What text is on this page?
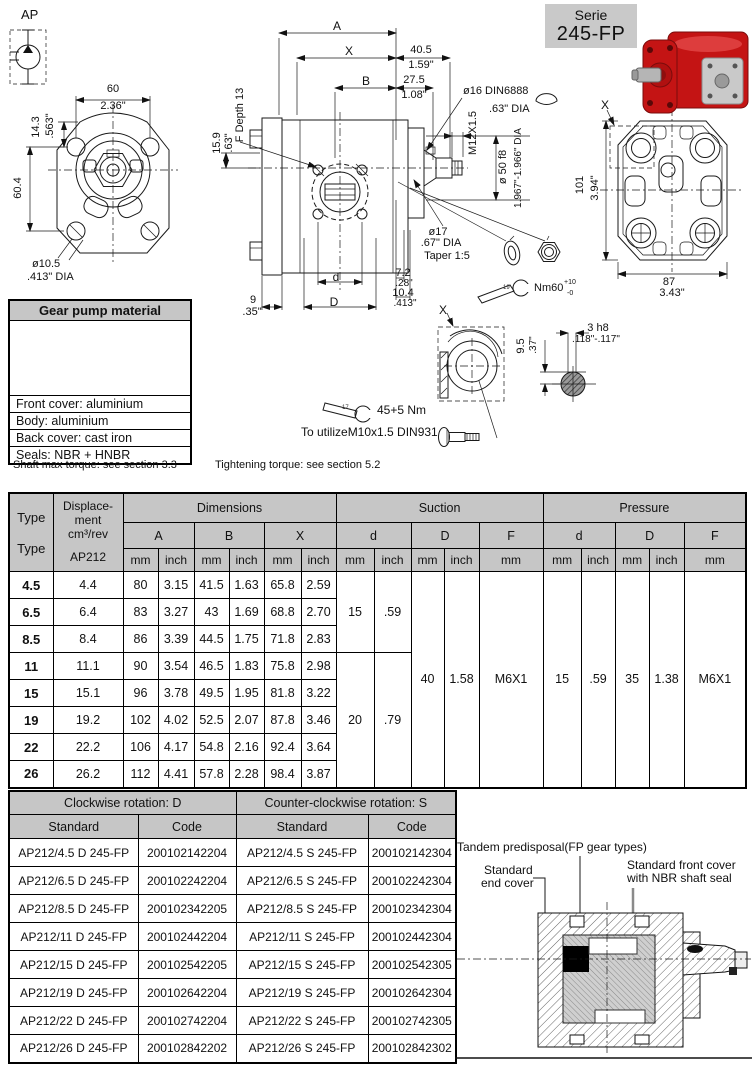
AP	Serie
245-FP
60
2.36"
14.3 .563"
60.4
ø10.5
.413" DIA
A
X	40.5
1.59"
B	27.5
1.08"
15.9 .63"
F Depth 13	ø16 DIN6888
.63" DIA
M12X1.5
ø 50 f8 1.967"-1.966" DIA
ø17
.67" DIA
Taper 1:5
9
.35"
d
D
7.2
.28"
10.4
.413"
19 Nm60 +10
-0
X
101 3.94"
87
3.43"
X
17 45+5 Nm
To utilizeM10x1.5 DIN931
3 h8
.118"-.117"
9.5 .37"
Gear pump material
Front cover: aluminium
Body: aluminium
Back cover: cast iron
Seals: NBR + HNBR
Shaft max torque: see section 3.3	Tightening torque: see section 5.2
Type
Type

Displace-
ment
cm³/rev
AP212
	Dimensions	Suction	Pressure
		A		B		X		d		D		F	d		D		F
		mm	inch	mm	inch	mm	inch	mm	inch	mm	inch	mm	mm	inch	mm	inch	mm
4.5	4.4	80	3.15	41.5	1.63	65.8	2.59	15	.59	40	1.58	M6X1	15	.59	35	1.38	M6X1
6.5	6.4	83	3.27	43	1.69	68.8	2.70										
8.5	8.4	86	3.39	44.5	1.75	71.8	2.83										
11	11.1	90	3.54	46.5	1.83	75.8	2.98	20	.79								
15	15.1	96	3.78	49.5	1.95	81.8	3.22										
19	19.2	102	4.02	52.5	2.07	87.8	3.46										
22	22.2	106	4.17	54.8	2.16	92.4	3.64										
26	26.2	112	4.41	57.8	2.28	98.4	3.87										
Clockwise rotation: D		Counter-clockwise rotation: S	
Standard	Code	Standard	Code
AP212/4.5 D 245-FP	200102142204	AP212/4.5 S 245-FP	200102142304
AP212/6.5 D 245-FP	200102242204	AP212/6.5 S 245-FP	200102242304
AP212/8.5 D 245-FP	200102342205	AP212/8.5 S 245-FP	200102342304
AP212/11 D 245-FP	200102442204	AP212/11 S 245-FP	200102442304
AP212/15 D 245-FP	200102542205	AP212/15 S 245-FP	200102542305
AP212/19 D 245-FP	200102642204	AP212/19 S 245-FP	200102642304
AP212/22 D 245-FP	200102742204	AP212/22 S 245-FP	200102742305
AP212/26 D 245-FP	200102842202	AP212/26 S 245-FP	200102842302
Tandem predisposal(FP gear types)
Standard
end cover
Standard front cover
with NBR shaft seal
